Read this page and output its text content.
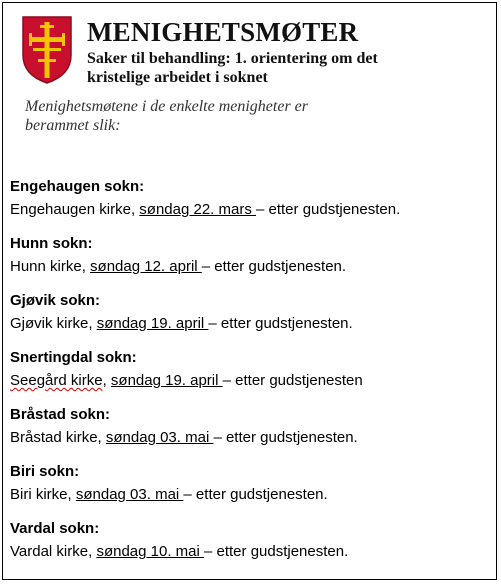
MENIGHETSMØTER
Saker til behandling: 1. orientering om det kristelige arbeidet i soknet
Menighetsmøtene i de enkelte menigheter er berammet slik:
Engehaugen sokn:
Engehaugen kirke, søndag 22. mars – etter gudstjenesten.
Hunn sokn:
Hunn kirke, søndag 12. april – etter gudstjenesten.
Gjøvik sokn:
Gjøvik kirke, søndag 19. april – etter gudstjenesten.
Snertingdal sokn:
Seegård kirke, søndag 19. april – etter gudstjenesten
Bråstad sokn:
Bråstad kirke, søndag 03. mai – etter gudstjenesten.
Biri sokn:
Biri kirke, søndag 03. mai – etter gudstjenesten.
Vardal sokn:
Vardal kirke, søndag 10. mai – etter gudstjenesten.
